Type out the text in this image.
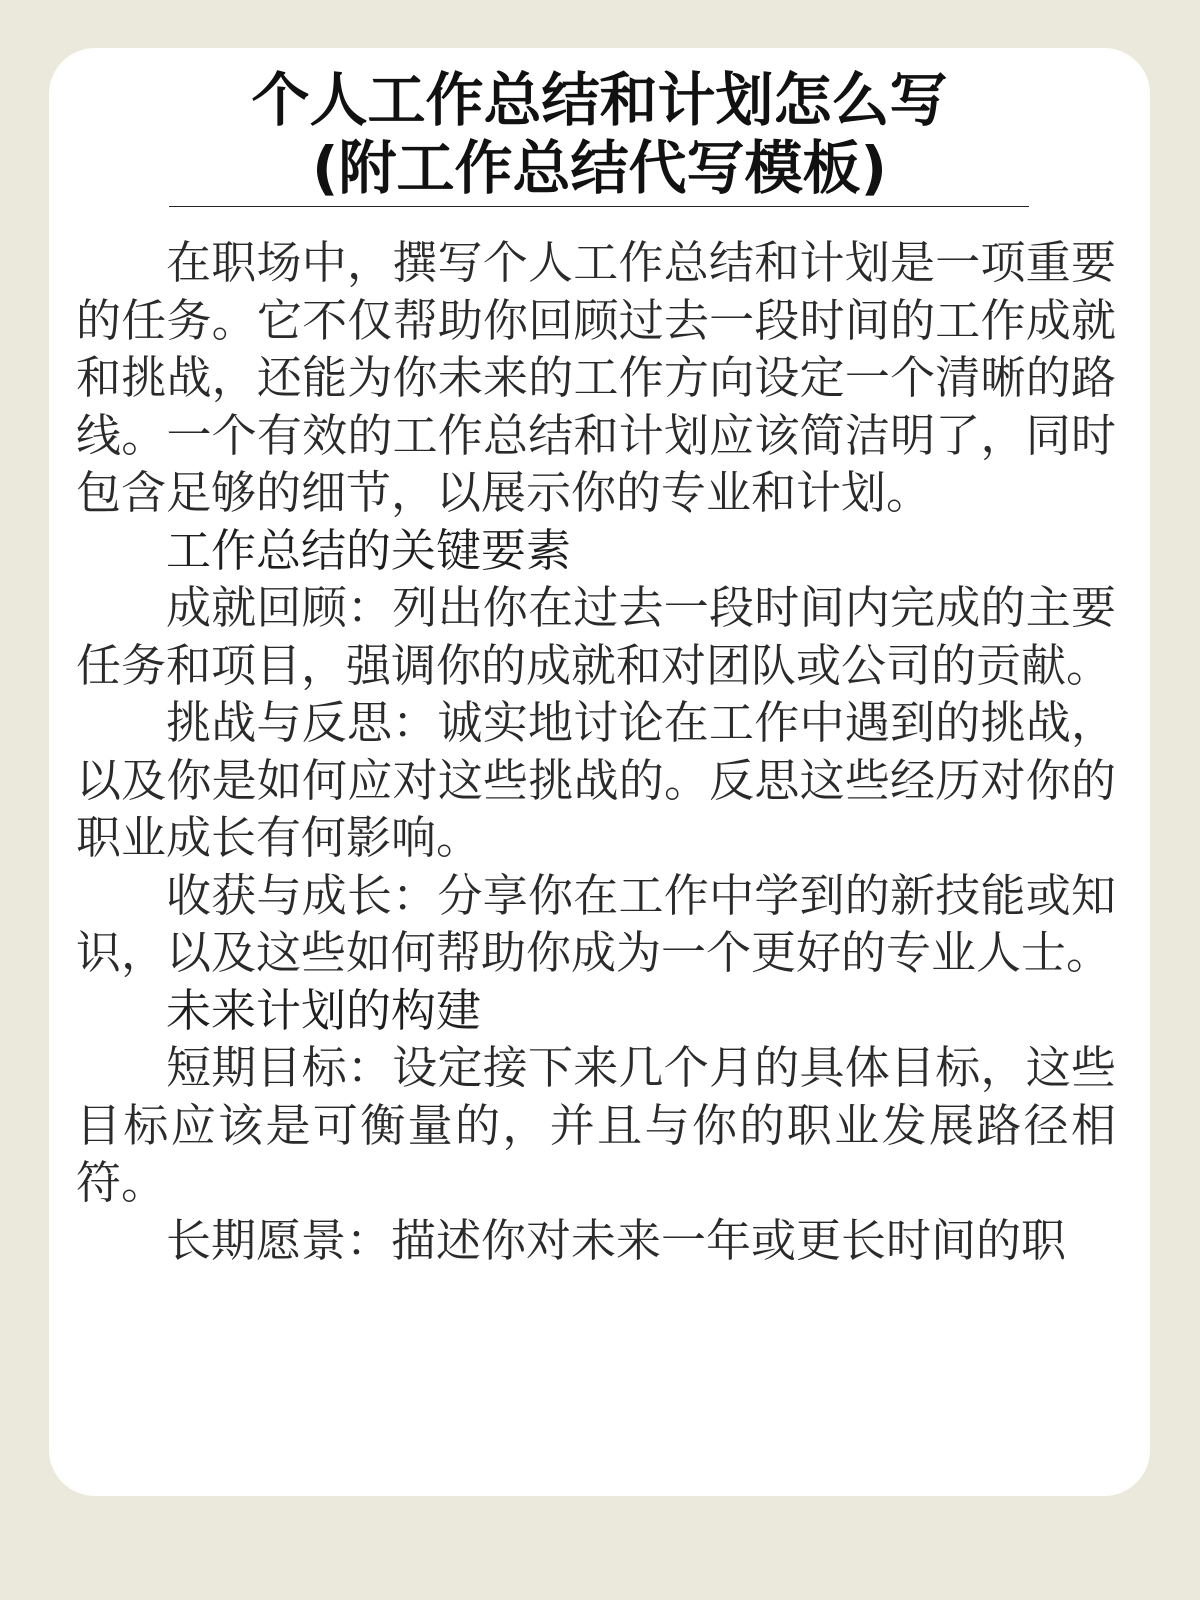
个人工作总结和计划怎么写
(附工作总结代写模板)

在职场中，撰写个人工作总结和计划是一项重要的任务。它不仅帮助你回顾过去一段时间的工作成就和挑战，还能为你未来的工作方向设定一个清晰的路线。一个有效的工作总结和计划应该简洁明了，同时包含足够的细节，以展示你的专业和计划。

工作总结的关键要素

成就回顾：列出你在过去一段时间内完成的主要任务和项目，强调你的成就和对团队或公司的贡献。

挑战与反思：诚实地讨论在工作中遇到的挑战，以及你是如何应对这些挑战的。反思这些经历对你的职业成长有何影响。

收获与成长：分享你在工作中学到的新技能或知识，以及这些如何帮助你成为一个更好的专业人士。

未来计划的构建

短期目标：设定接下来几个月的具体目标，这些目标应该是可衡量的，并且与你的职业发展路径相符。

长期愿景：描述你对未来一年或更长时间的职
